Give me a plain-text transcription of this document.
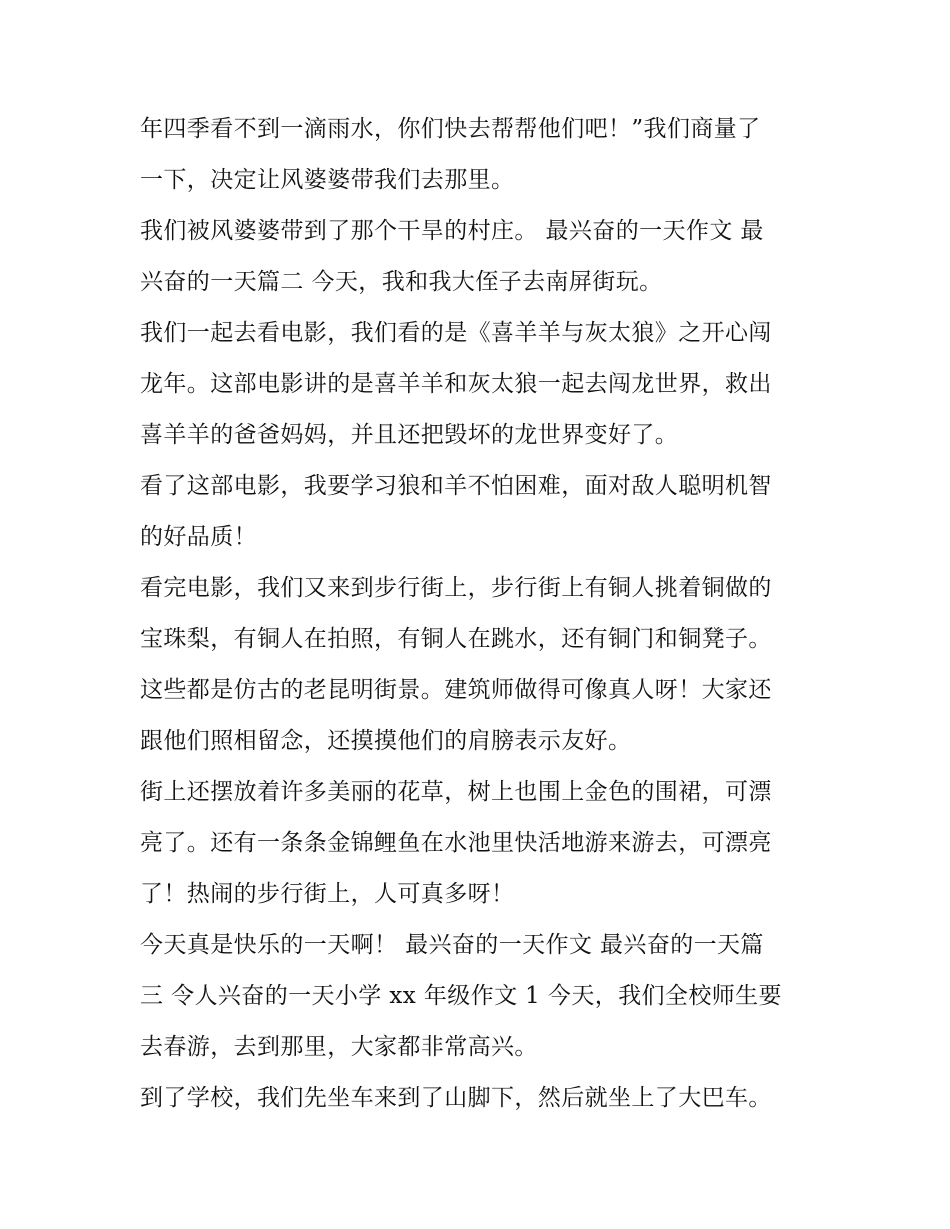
年四季看不到一滴雨水，你们快去帮帮他们吧！”我们商量了
一下，决定让风婆婆带我们去那里。
我们被风婆婆带到了那个干旱的村庄。 最兴奋的一天作文 最
兴奋的一天篇二 今天，我和我大侄子去南屏街玩。
我们一起去看电影，我们看的是《喜羊羊与灰太狼》之开心闯
龙年。这部电影讲的是喜羊羊和灰太狼一起去闯龙世界，救出
喜羊羊的爸爸妈妈，并且还把毁坏的龙世界变好了。
看了这部电影，我要学习狼和羊不怕困难，面对敌人聪明机智
的好品质！
看完电影，我们又来到步行街上，步行街上有铜人挑着铜做的
宝珠梨，有铜人在拍照，有铜人在跳水，还有铜门和铜凳子。
这些都是仿古的老昆明街景。建筑师做得可像真人呀！大家还
跟他们照相留念，还摸摸他们的肩膀表示友好。
街上还摆放着许多美丽的花草，树上也围上金色的围裙，可漂
亮了。还有一条条金锦鲤鱼在水池里快活地游来游去，可漂亮
了！热闹的步行街上，人可真多呀！
今天真是快乐的一天啊！ 最兴奋的一天作文 最兴奋的一天篇
三 令人兴奋的一天小学 xx 年级作文 1 今天，我们全校师生要
去春游，去到那里，大家都非常高兴。
到了学校，我们先坐车来到了山脚下，然后就坐上了大巴车。
